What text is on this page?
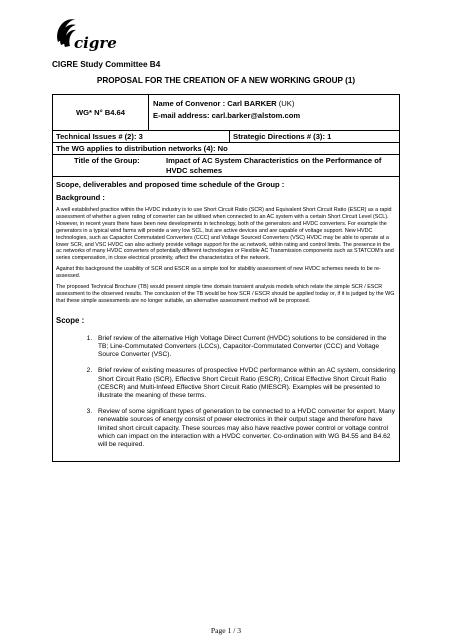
cigre
CIGRE Study Committee B4
PROPOSAL FOR THE CREATION OF A NEW WORKING GROUP (1)
WG* N° B4.64
Name of Convenor : Carl BARKER (UK)
E-mail address: carl.barker@alstom.com
Technical Issues # (2): 3	Strategic Directions # (3): 1
The WG applies to distribution networks (4): No
Title of the Group:	Impact of AC System Characteristics on the Performance of HVDC schemes
Scope, deliverables and proposed time schedule of the Group :
Background :
A well established practice within the HVDC industry is to use Short Circuit Ratio (SCR) and Equivalent Short Circuit Ratio (ESCR) as a rapid assessment of whether a given rating of converter can be utilised when connected to an AC system with a certain Short Circuit Level (SCL). However, in recent years there have been new developments in technology, both of the generators and HVDC converters. For example the generators in a typical wind farms will provide a very low SCL, but are active devices and are capable of voltage support. New HVDC technologies, such as Capacitor Commutated Converters (CCC) and Voltage Sourced Converters (VSC) HVDC may be able to operate at a lower SCR, and VSC HVDC can also actively provide voltage support for the ac network, within rating and control limits. The presence in the ac networks of many HVDC converters of potentially different technologies or Flexible AC Transmission components such as STATCOM's and series compensation, in close electrical proximity, affect the characteristics of the network.
Against this background the usability of SCR and ESCR as a simple tool for stability assessment of new HVDC schemes needs to be re-assessed.
The proposed Technical Brochure (TB) would present simple time domain transient analysis models which relate the simple SCR / ESCR assessment to the observed results. The conclusion of the TB would be how SCR / ESCR should be applied today or, if it is judged by the WG that these simple assessments are no longer suitable, an alternative assessment method will be proposed.
Scope :
1. Brief review of the alternative High Voltage Direct Current (HVDC) solutions to be considered in the TB; Line-Commutated Converters (LCCs), Capacitor-Commutated Converter (CCC) and Voltage Source Converter (VSC).
2. Brief review of existing measures of prospective HVDC performance within an AC system, considering Short Circuit Ratio (SCR), Effective Short Circuit Ratio (ESCR), Critical Effective Short Circuit Ratio (CESCR) and Multi-Infeed Effective Short Circuit Ratio (MIESCR). Examples will be presented to illustrate the meaning of these terms.
3. Review of some significant types of generation to be connected to a HVDC converter for export. Many renewable sources of energy consist of power electronics in their output stage and therefore have limited short circuit capacity. These sources may also have reactive power control or voltage control which can impact on the interaction with a HVDC converter. Co-ordination with WG B4.55 and B4.62 will be required.
Page 1 / 3
